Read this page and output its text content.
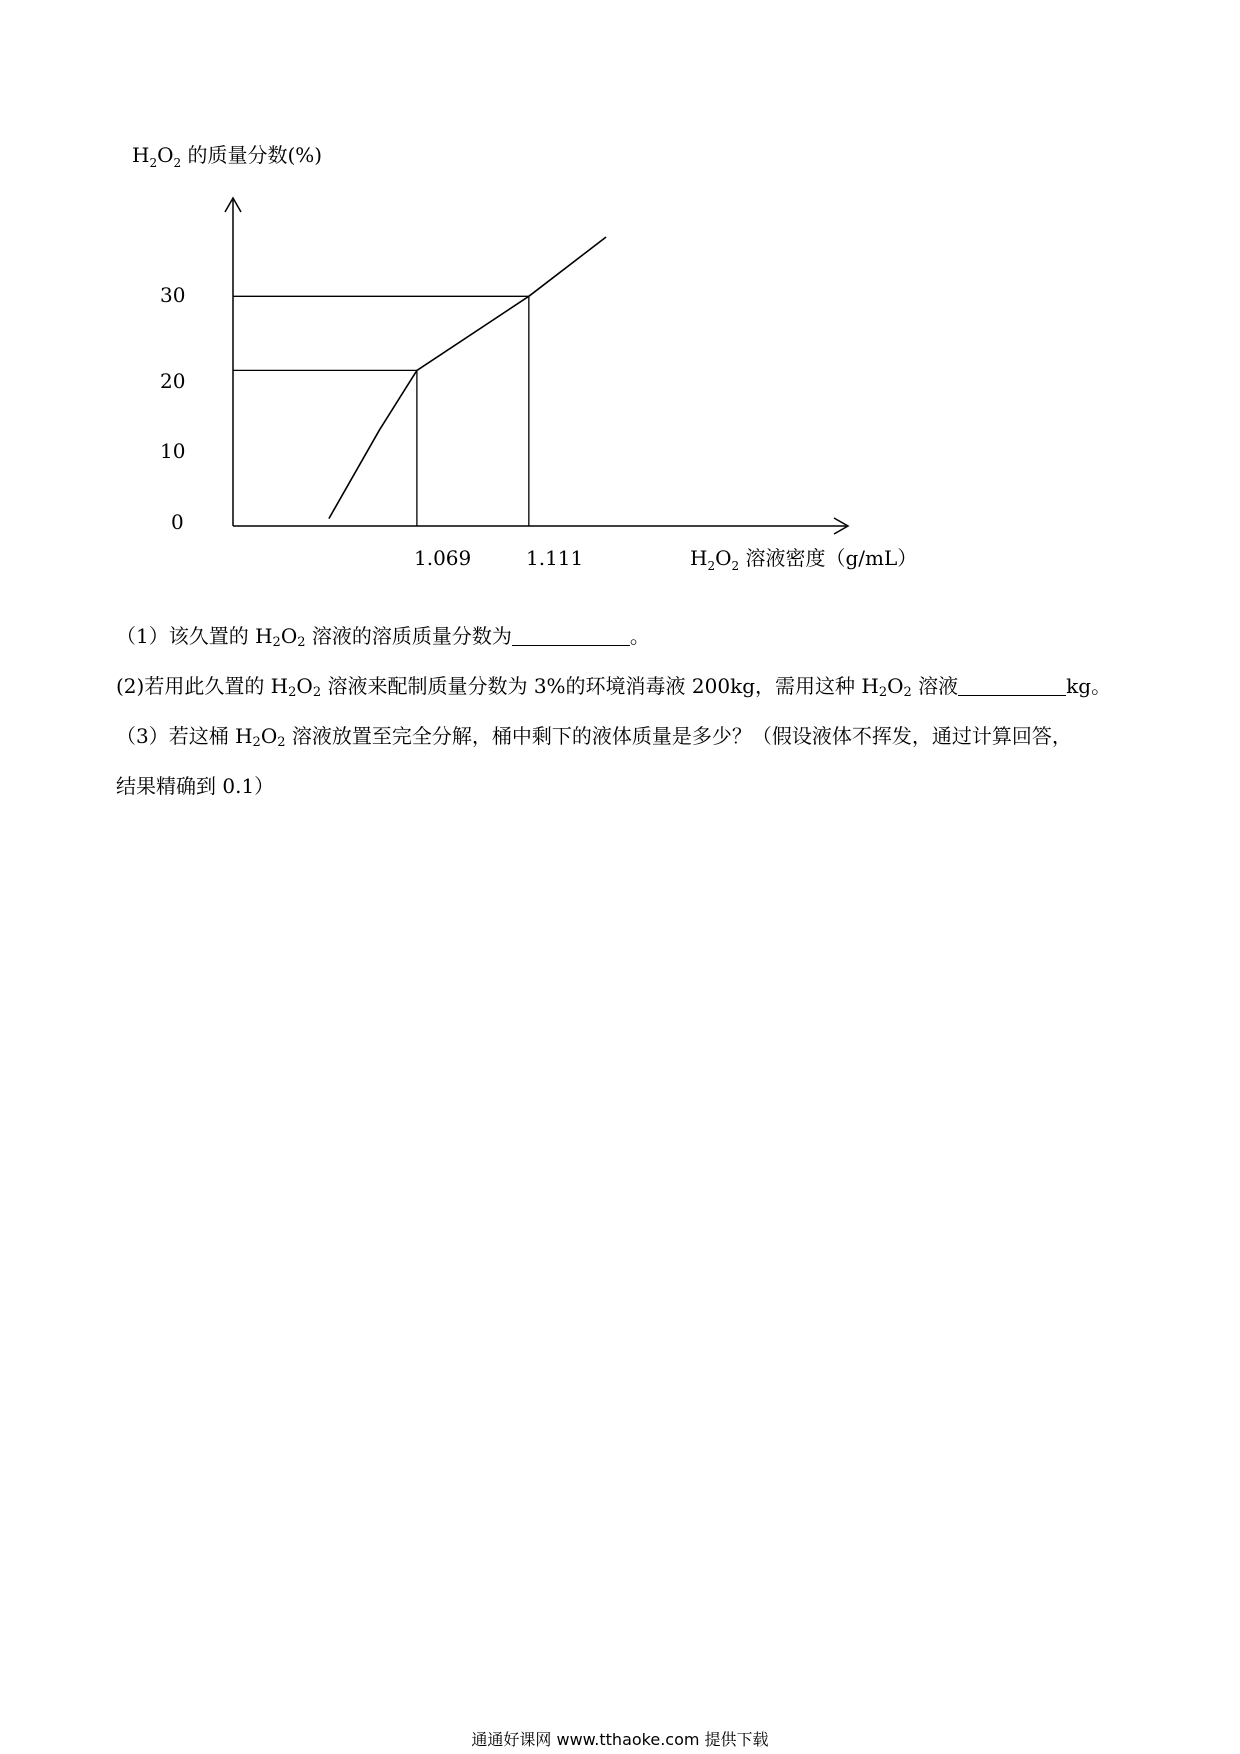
$H_2O_2$ 的质量分数(%)
30
20
10
0
1.069	1.111	$H_2O_2$ 溶液密度（g/mL）
（1）该久置的 $H_2O_2$ 溶液的溶质质量分数为	。
(2)若用此久置的 $H_2O_2$ 溶液来配制质量分数为 3%的环境消毒液 200kg，需用这种 $H_2O_2$ 溶液	kg。
（3）若这桶 $H_2O_2$ 溶液放置至完全分解，桶中剩下的液体质量是多少？（假设液体不挥发，通过计算回答，
结果精确到 0.1）
通通好课网 www.tthaoke.com 提供下载
